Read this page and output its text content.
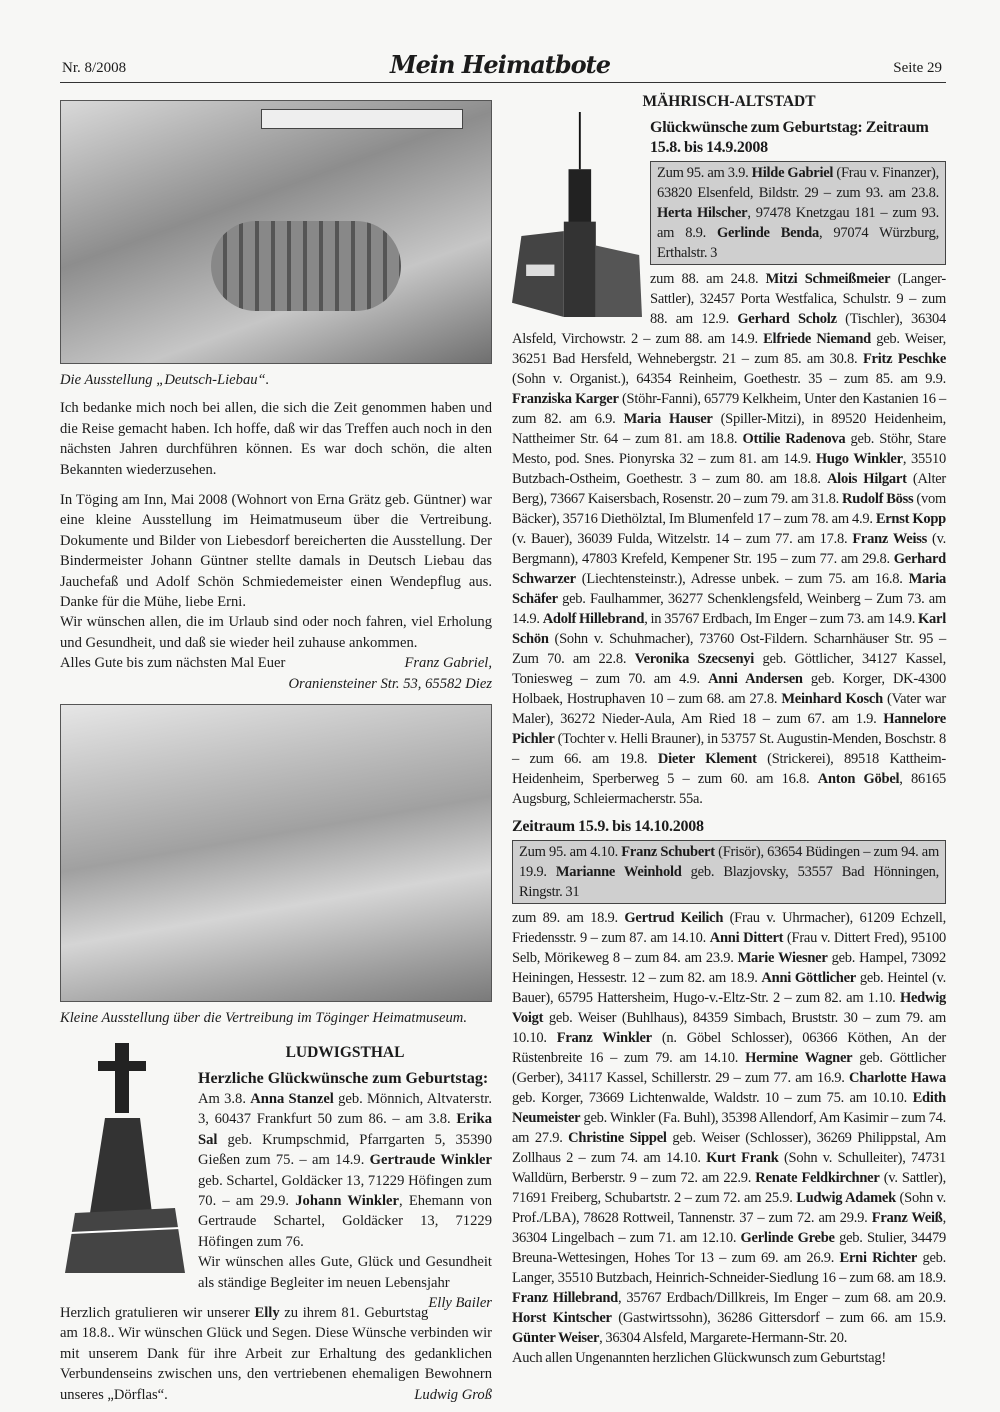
Nr. 8/2008	Mein Heimatbote	Seite 29

Die Ausstellung „Deutsch-Liebau“.

Ich bedanke mich noch bei allen, die sich die Zeit genommen haben und die Reise gemacht haben. Ich hoffe, daß wir das Treffen auch noch in den nächsten Jahren durchführen können. Es war doch schön, die alten Bekannten wiederzusehen.

In Töging am Inn, Mai 2008 (Wohnort von Erna Grätz geb. Güntner) war eine kleine Ausstellung im Heimatmuseum über die Vertreibung. Dokumente und Bilder von Liebesdorf bereicherten die Ausstellung. Der Bindermeister Johann Güntner stellte damals in Deutsch Liebau das Jauchefaß und Adolf Schön Schmiedemeister einen Wendepflug aus. Danke für die Mühe, liebe Erni.

Wir wünschen allen, die im Urlaub sind oder noch fahren, viel Erholung und Gesundheit, und daß sie wieder heil zuhause ankommen.

Alles Gute bis zum nächsten Mal Euer	Franz Gabriel,

Oraniensteiner Str. 53, 65582 Diez

Kleine Ausstellung über die Vertreibung im Töginger Heimatmuseum.

LUDWIGSTHAL
Herzliche Glückwünsche zum Geburtstag:

Am 3.8. Anna Stanzel geb. Mönnich, Altvaterstr. 3, 60437 Frankfurt 50 zum 86. – am 3.8. Erika Sal geb. Krumpschmid, Pfarrgarten 5, 35390 Gießen zum 75. – am 14.9. Gertraude Winkler geb. Schartel, Goldäcker 13, 71229 Höfingen zum 70. – am 29.9. Johann Winkler, Ehemann von Gertraude Schartel, Goldäcker 13, 71229 Höfingen zum 76.

Wir wünschen alles Gute, Glück und Gesundheit als ständige Begleiter im neuen Lebensjahr
Elly Bailer

Herzlich gratulieren wir unserer Elly zu ihrem 81. Geburtstag am 18.8.. Wir wünschen Glück und Segen. Diese Wünsche verbinden wir mit unserem Dank für ihre Arbeit zur Erhaltung des gedanklichen Verbundenseins zwischen uns, den vertriebenen ehemaligen Bewohnern unseres „Dörflas“.	Ludwig Groß

MÄHRISCH-ALTSTADT
Glückwünsche zum Geburtstag: Zeitraum 15.8. bis 14.9.2008
Zum 95. am 3.9. Hilde Gabriel (Frau v. Finanzer), 63820 Elsenfeld, Bildstr. 29 – zum 93. am 23.8. Herta Hilscher, 97478 Knetzgau 181 – zum 93. am 8.9. Gerlinde Benda, 97074 Würzburg, Erthalstr. 3

zum 88. am 24.8. Mitzi Schmeißmeier (Langer-Sattler), 32457 Porta Westfalica, Schulstr. 9 – zum 88. am 12.9. Gerhard Scholz (Tischler), 36304 Alsfeld, Virchowstr. 2 – zum 88. am 14.9. Elfriede Niemand geb. Weiser, 36251 Bad Hersfeld, Wehnebergstr. 21 – zum 85. am 30.8. Fritz Peschke (Sohn v. Organist.), 64354 Reinheim, Goethestr. 35 – zum 85. am 9.9. Franziska Karger (Stöhr-Fanni), 65779 Kelkheim, Unter den Kastanien 16 – zum 82. am 6.9. Maria Hauser (Spiller-Mitzi), in 89520 Heidenheim, Nattheimer Str. 64 – zum 81. am 18.8. Ottilie Radenova geb. Stöhr, Stare Mesto, pod. Snes. Pionyrska 32 – zum 81. am 14.9. Hugo Winkler, 35510 Butzbach-Ostheim, Goethestr. 3 – zum 80. am 18.8. Alois Hilgart (Alter Berg), 73667 Kaisersbach, Rosenstr. 20 – zum 79. am 31.8. Rudolf Böss (vom Bäcker), 35716 Diethölztal, Im Blumenfeld 17 – zum 78. am 4.9. Ernst Kopp (v. Bauer), 36039 Fulda, Witzelstr. 14 – zum 77. am 17.8. Franz Weiss (v. Bergmann), 47803 Krefeld, Kempener Str. 195 – zum 77. am 29.8. Gerhard Schwarzer (Liechtensteinstr.), Adresse unbek. – zum 75. am 16.8. Maria Schäfer geb. Faulhammer, 36277 Schenklengsfeld, Weinberg – Zum 73. am 14.9. Adolf Hillebrand, in 35767 Erdbach, Im Enger – zum 73. am 14.9. Karl Schön (Sohn v. Schuhmacher), 73760 Ost-Fildern. Scharnhäuser Str. 95 – Zum 70. am 22.8. Veronika Szecsenyi geb. Göttlicher, 34127 Kassel, Toniesweg – zum 70. am 4.9. Anni Andersen geb. Korger, DK-4300 Holbaek, Hostruphaven 10 – zum 68. am 27.8. Meinhard Kosch (Vater war Maler), 36272 Nieder-Aula, Am Ried 18 – zum 67. am 1.9. Hannelore Pichler (Tochter v. Helli Brauner), in 53757 St. Augustin-Menden, Boschstr. 8 – zum 66. am 19.8. Dieter Klement (Strickerei), 89518 Kattheim-Heidenheim, Sperberweg 5 – zum 60. am 16.8. Anton Göbel, 86165 Augsburg, Schleiermacherstr. 55a.

Zeitraum 15.9. bis 14.10.2008
Zum 95. am 4.10. Franz Schubert (Frisör), 63654 Büdingen – zum 94. am 19.9. Marianne Weinhold geb. Blazjovsky, 53557 Bad Hönningen, Ringstr. 31

zum 89. am 18.9. Gertrud Keilich (Frau v. Uhrmacher), 61209 Echzell, Friedensstr. 9 – zum 87. am 14.10. Anni Dittert (Frau v. Dittert Fred), 95100 Selb, Mörikeweg 8 – zum 84. am 23.9. Marie Wiesner geb. Hampel, 73092 Heiningen, Hessestr. 12 – zum 82. am 18.9. Anni Göttlicher geb. Heintel (v. Bauer), 65795 Hattersheim, Hugo-v.-Eltz-Str. 2 – zum 82. am 1.10. Hedwig Voigt geb. Weiser (Buhlhaus), 84359 Simbach, Bruststr. 30 – zum 79. am 10.10. Franz Winkler (n. Göbel Schlosser), 06366 Köthen, An der Rüstenbreite 16 – zum 79. am 14.10. Hermine Wagner geb. Göttlicher (Gerber), 34117 Kassel, Schillerstr. 29 – zum 77. am 16.9. Charlotte Hawa geb. Korger, 73669 Lichtenwalde, Waldstr. 10 – zum 75. am 10.10. Edith Neumeister geb. Winkler (Fa. Buhl), 35398 Allendorf, Am Kasimir – zum 74. am 27.9. Christine Sippel geb. Weiser (Schlosser), 36269 Philippstal, Am Zollhaus 2 – zum 74. am 14.10. Kurt Frank (Sohn v. Schulleiter), 74731 Walldürn, Berberstr. 9 – zum 72. am 22.9. Renate Feldkirchner (v. Sattler), 71691 Freiberg, Schubartstr. 2 – zum 72. am 25.9. Ludwig Adamek (Sohn v. Prof./LBA), 78628 Rottweil, Tannenstr. 37 – zum 72. am 29.9. Franz Weiß, 36304 Lingelbach – zum 71. am 12.10. Gerlinde Grebe geb. Stulier, 34479 Breuna-Wettesingen, Hohes Tor 13 – zum 69. am 26.9. Erni Richter geb. Langer, 35510 Butzbach, Heinrich-Schneider-Siedlung 16 – zum 68. am 18.9. Franz Hillebrand, 35767 Erdbach/Dillkreis, Im Enger – zum 68. am 20.9. Horst Kintscher (Gastwirtssohn), 36286 Gittersdorf – zum 66. am 15.9. Günter Weiser, 36304 Alsfeld, Margarete-Hermann-Str. 20.

Auch allen Ungenannten herzlichen Glückwunsch zum Geburtstag!
